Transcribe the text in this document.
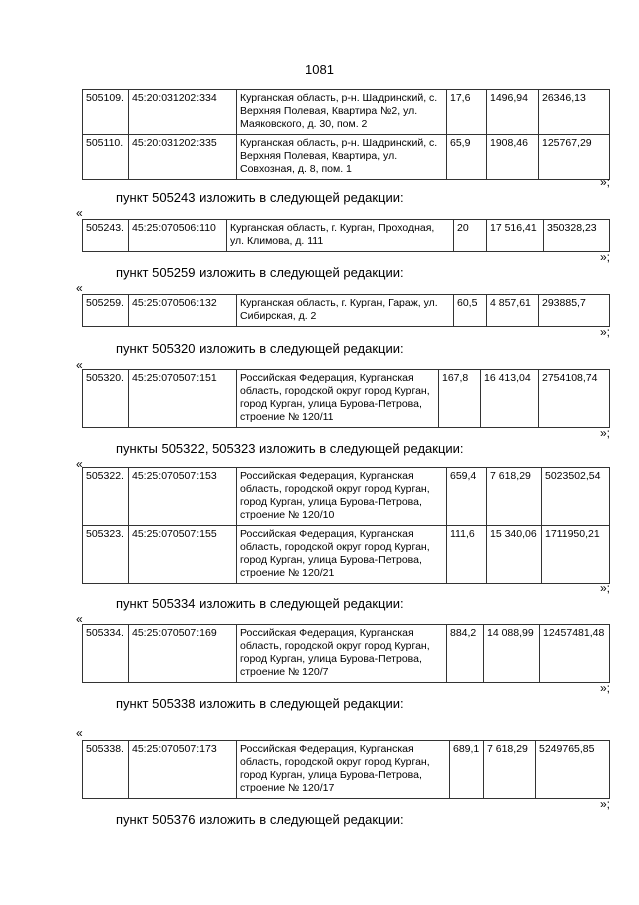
1081
505109.	45:20:031202:334	Курганская область, р-н. Шадринский, с. Верхняя Полевая, Квартира №2, ул. Маяковского, д. 30, пом. 2	17,6	1496,94	26346,13
505110.	45:20:031202:335	Курганская область, р-н. Шадринский, с. Верхняя Полевая, Квартира, ул. Совхозная, д. 8, пом. 1	65,9	1908,46	125767,29
»;
пункт 505243 изложить в следующей редакции:
«
505243.	45:25:070506:110	Курганская область, г. Курган, Проходная, ул. Климова, д. 111	20	17 516,41	350328,23
»;
пункт 505259 изложить в следующей редакции:
«
505259.	45:25:070506:132	Курганская область, г. Курган, Гараж, ул. Сибирская, д. 2	60,5	4 857,61	293885,7
»;
пункт 505320 изложить в следующей редакции:
«
505320.	45:25:070507:151	Российская Федерация, Курганская область, городской округ город Курган, город Курган, улица Бурова-Петрова, строение № 120/11	167,8	16 413,04	2754108,74
»;
пункты 505322, 505323 изложить в следующей редакции:
«
505322.	45:25:070507:153	Российская Федерация, Курганская область, городской округ город Курган, город Курган, улица Бурова-Петрова, строение № 120/10	659,4	7 618,29	5023502,54
505323.	45:25:070507:155	Российская Федерация, Курганская область, городской округ город Курган, город Курган, улица Бурова-Петрова, строение № 120/21	111,6	15 340,06	1711950,21
»;
пункт 505334 изложить в следующей редакции:
«
505334.	45:25:070507:169	Российская Федерация, Курганская область, городской округ город Курган, город Курган, улица Бурова-Петрова, строение № 120/7	884,2	14 088,99	12457481,48
»;
пункт 505338 изложить в следующей редакции:
«
505338.	45:25:070507:173	Российская Федерация, Курганская область, городской округ город Курган, город Курган, улица Бурова-Петрова, строение № 120/17	689,1	7 618,29	5249765,85
»;
пункт 505376 изложить в следующей редакции:
